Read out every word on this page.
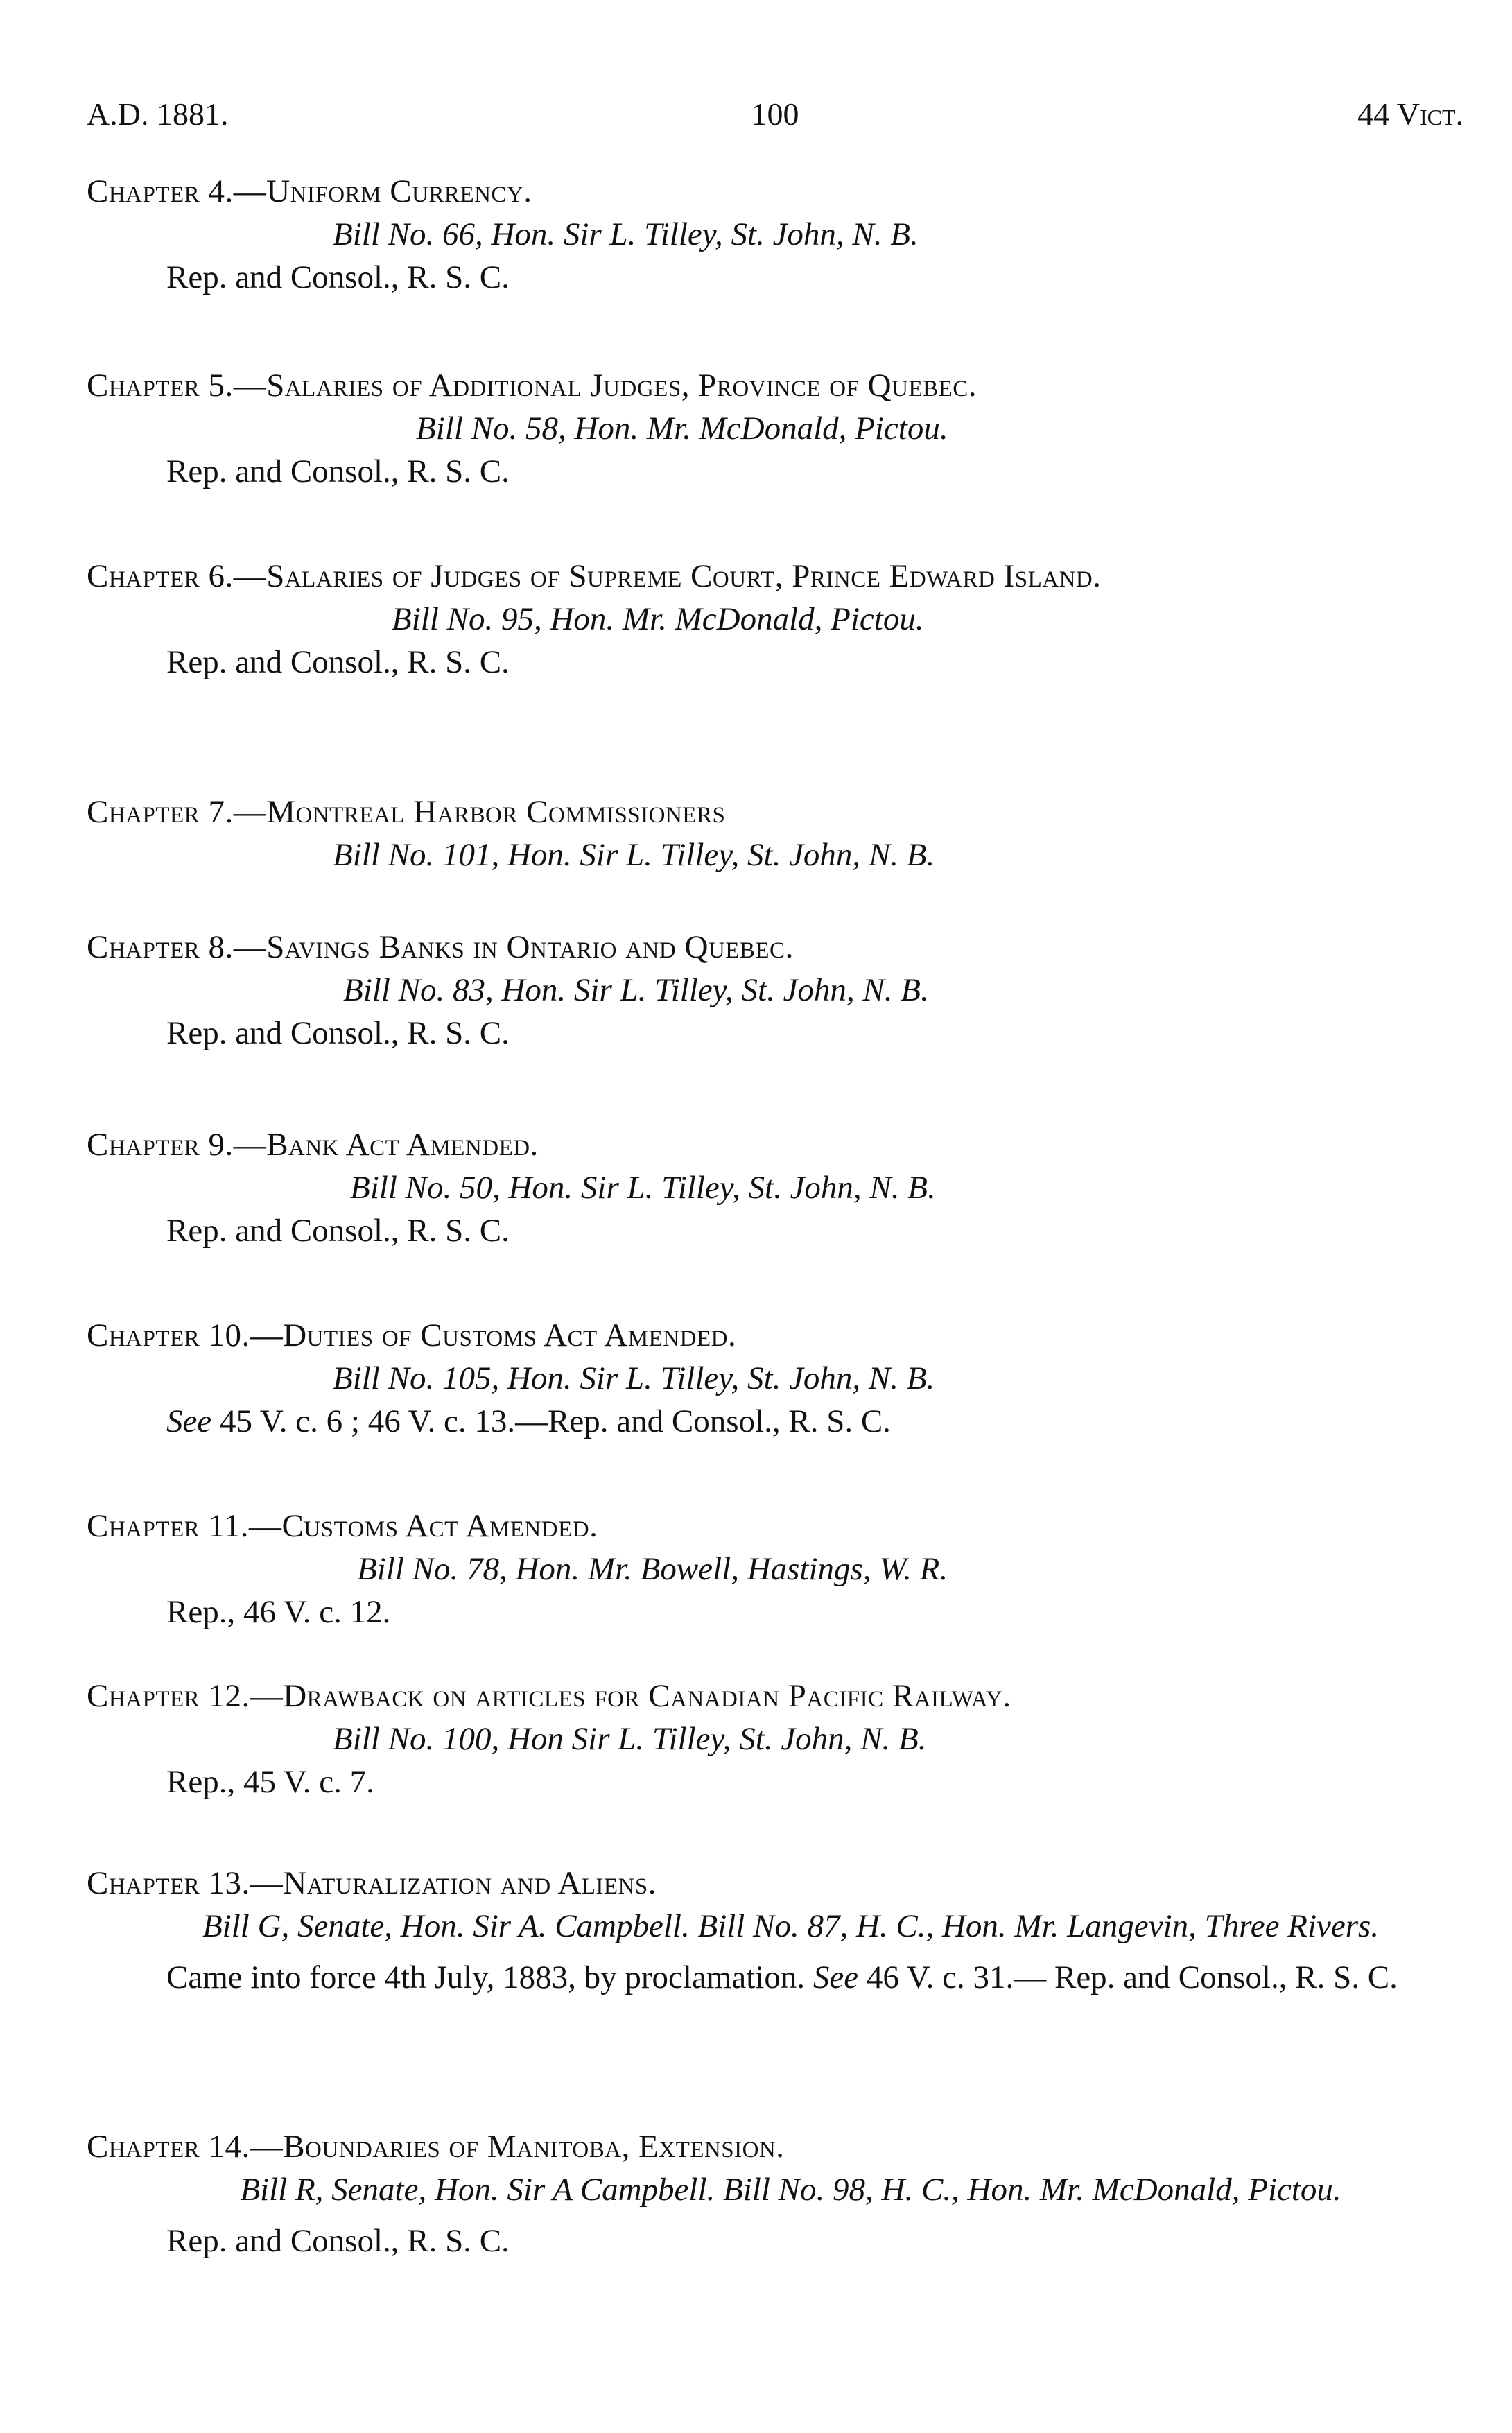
A.D. 1881.	100	44 Vict.
Chapter 4.—Uniform Currency.
Bill No. 66, Hon. Sir L. Tilley, St. John, N. B.
Rep. and Consol., R. S. C.
Chapter 5.—Salaries of Additional Judges, Province of Quebec.
Bill No. 58, Hon. Mr. McDonald, Pictou.
Rep. and Consol., R. S. C.
Chapter 6.—Salaries of Judges of Supreme Court, Prince Edward Island.
Bill No. 95, Hon. Mr. McDonald, Pictou.
Rep. and Consol., R. S. C.
Chapter 7.—Montreal Harbor Commissioners
Bill No. 101, Hon. Sir L. Tilley, St. John, N. B.
Chapter 8.—Savings Banks in Ontario and Quebec.
Bill No. 83, Hon. Sir L. Tilley, St. John, N. B.
Rep. and Consol., R. S. C.
Chapter 9.—Bank Act Amended.
Bill No. 50, Hon. Sir L. Tilley, St. John, N. B.
Rep. and Consol., R. S. C.
Chapter 10.—Duties of Customs Act Amended.
Bill No. 105, Hon. Sir L. Tilley, St. John, N. B.
See 45 V. c. 6 ; 46 V. c. 13.—Rep. and Consol., R. S. C.
Chapter 11.—Customs Act Amended.
Bill No. 78, Hon. Mr. Bowell, Hastings, W. R.
Rep., 46 V. c. 12.
Chapter 12.—Drawback on articles for Canadian Pacific Railway.
Bill No. 100, Hon Sir L. Tilley, St. John, N. B.
Rep., 45 V. c. 7.
Chapter 13.—Naturalization and Aliens.
Bill G, Senate, Hon. Sir A. Campbell. Bill No. 87, H. C., Hon. Mr. Langevin, Three Rivers.
Came into force 4th July, 1883, by proclamation. See 46 V. c. 31.— Rep. and Consol., R. S. C.
Chapter 14.—Boundaries of Manitoba, Extension.
Bill R, Senate, Hon. Sir A Campbell. Bill No. 98, H. C., Hon. Mr. McDonald, Pictou.
Rep. and Consol., R. S. C.
